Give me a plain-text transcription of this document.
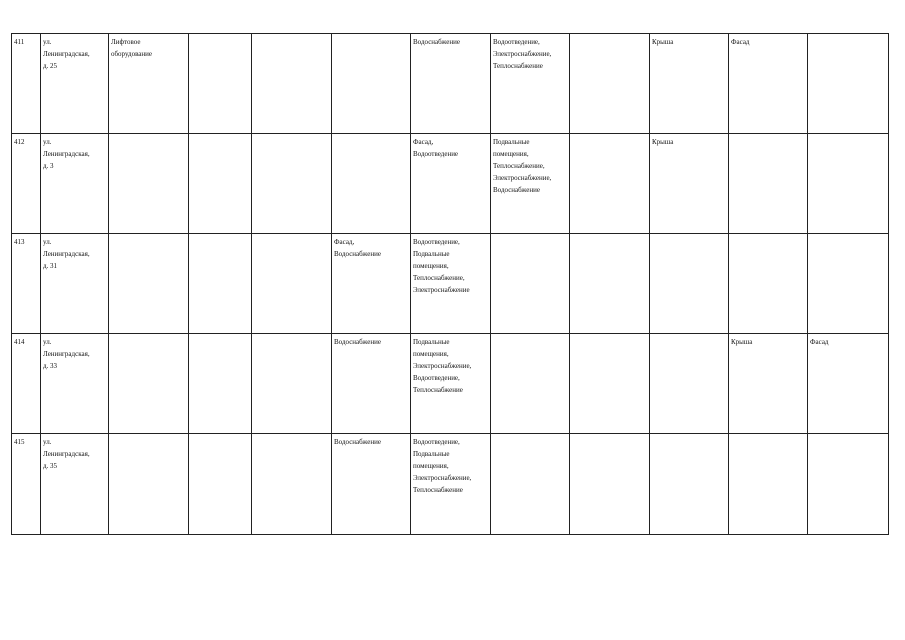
411	ул.
Ленинградская,
д. 25	Лифтовое
оборудование				Водоснабжение	Водоотведение,
Электроснабжение,
Теплоснабжение		Крыша	Фасад	
412	ул.
Ленинградская,
д. 3					Фасад,
Водоотведение	Подвальные
помещения,
Теплоснабжение,
Электроснабжение,
Водоснабжение		Крыша		
413	ул.
Ленинградская,
д. 31				Фасад,
Водоснабжение	Водоотведение,
Подвальные
помещения,
Теплоснабжение,
Электроснабжение					
414	ул.
Ленинградская,
д. 33				Водоснабжение	Подвальные
помещения,
Электроснабжение,
Водоотведение,
Теплоснабжение				Крыша	Фасад
415	ул.
Ленинградская,
д. 35				Водоснабжение	Водоотведение,
Подвальные
помещения,
Электроснабжение,
Теплоснабжение					
